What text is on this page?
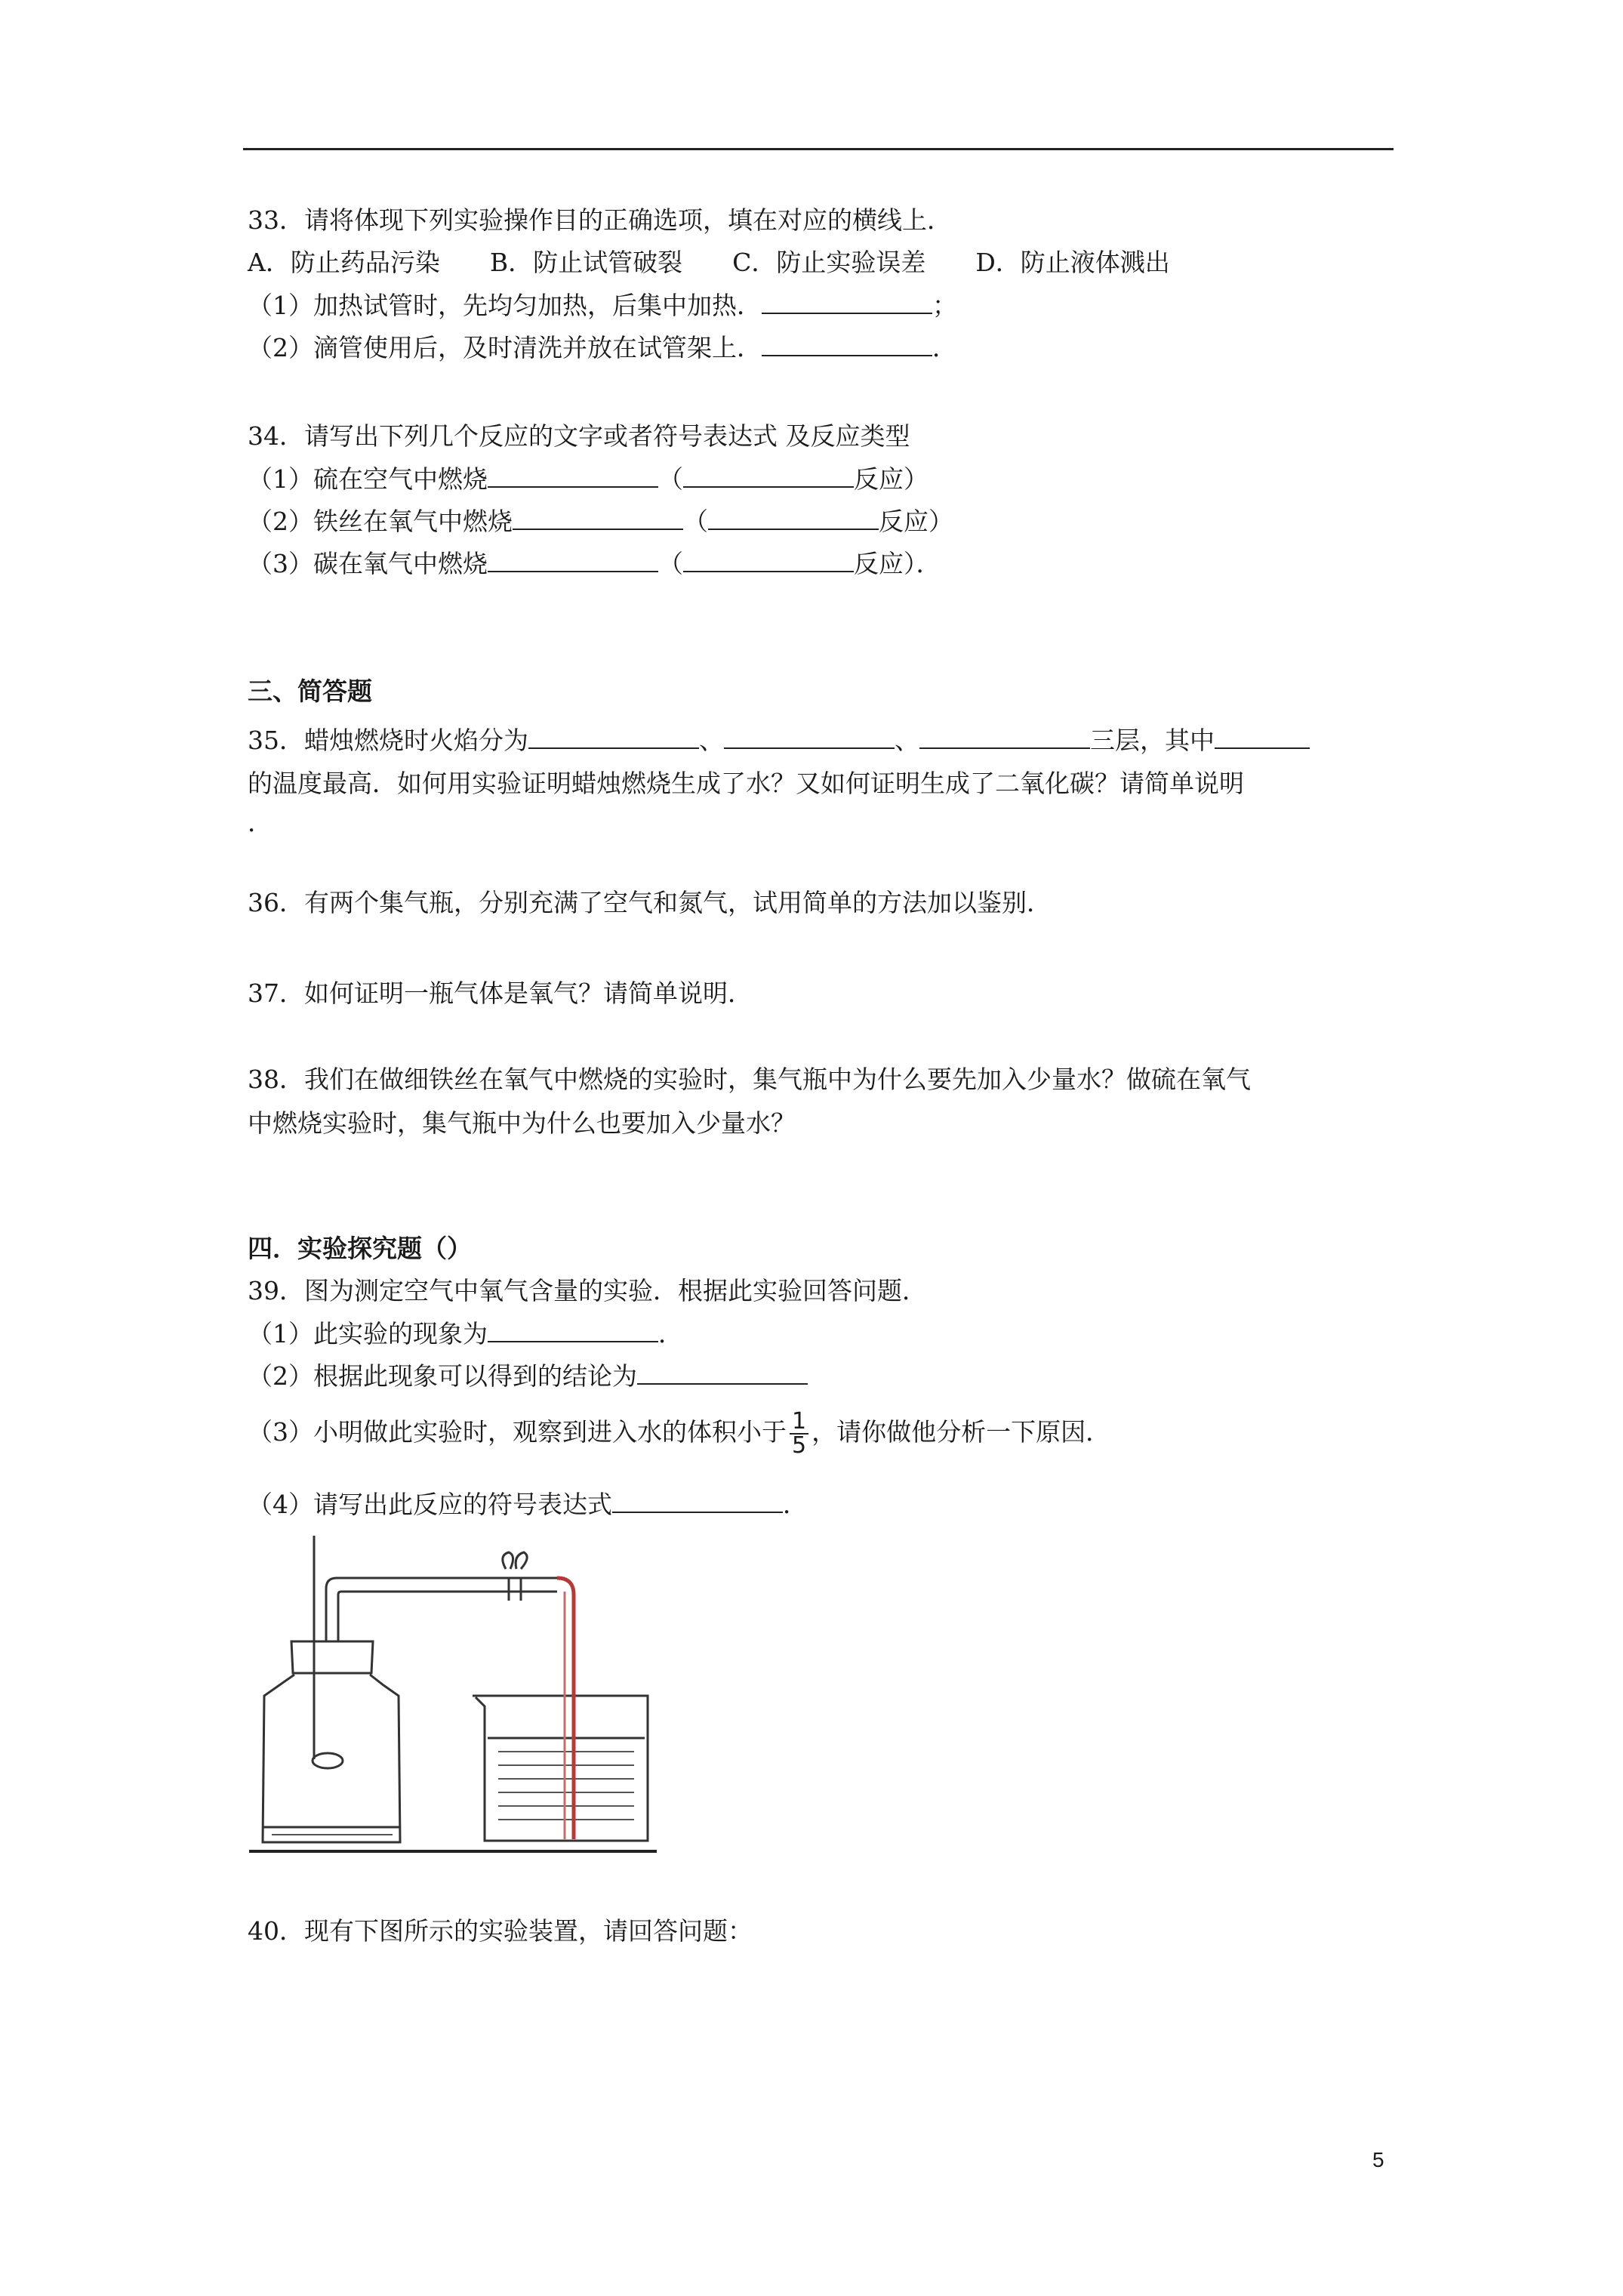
33．请将体现下列实验操作目的正确选项，填在对应的横线上．
A．防止药品污染　　B．防止试管破裂　　C．防止实验误差　　D．防止液体溅出
（1）加热试管时，先均匀加热，后集中加热．	；
（2）滴管使用后，及时清洗并放在试管架上．	．
34．请写出下列几个反应的文字或者符号表达式 及反应类型
（1）硫在空气中燃烧	（	反应）
（2）铁丝在氧气中燃烧	（	反应）
（3）碳在氧气中燃烧	（	反应）．
三、简答题
35．蜡烛燃烧时火焰分为	、	、	三层，其中
的温度最高．如何用实验证明蜡烛燃烧生成了水？又如何证明生成了二氧化碳？请简单说明
．
36．有两个集气瓶，分别充满了空气和氮气，试用简单的方法加以鉴别．
37．如何证明一瓶气体是氧气？请简单说明．
38．我们在做细铁丝在氧气中燃烧的实验时，集气瓶中为什么要先加入少量水？做硫在氧气
中燃烧实验时，集气瓶中为什么也要加入少量水？
四．实验探究题（）
39．图为测定空气中氧气含量的实验．根据此实验回答问题．
（1）此实验的现象为	．
（2）根据此现象可以得到的结论为
（3）小明做此实验时，观察到进入水的体积小于 $\frac{1}{5}$ ，请你做他分析一下原因．
（4）请写出此反应的符号表达式	．
40．现有下图所示的实验装置，请回答问题：
5
